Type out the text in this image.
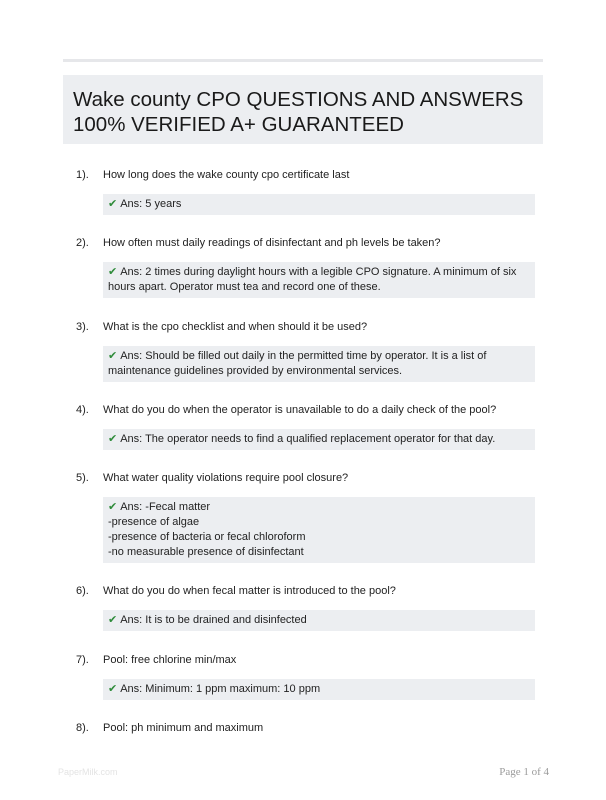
Wake county CPO QUESTIONS AND ANSWERS
100% VERIFIED A+ GUARANTEED
1).	How long does the wake county cpo certificate last
✔ Ans: 5 years
2).	How often must daily readings of disinfectant and ph levels be taken?
✔ Ans: 2 times during daylight hours with a legible CPO signature. A minimum of six
hours apart. Operator must tea and record one of these.
3).	What is the cpo checklist and when should it be used?
✔ Ans: Should be filled out daily in the permitted time by operator. It is a list of
maintenance guidelines provided by environmental services.
4).	What do you do when the operator is unavailable to do a daily check of the pool?
✔ Ans: The operator needs to find a qualified replacement operator for that day.
5).	What water quality violations require pool closure?
✔ Ans: -Fecal matter
-presence of algae
-presence of bacteria or fecal chloroform
-no measurable presence of disinfectant
6).	What do you do when fecal matter is introduced to the pool?
✔ Ans: It is to be drained and disinfected
7).	Pool: free chlorine min/max
✔ Ans: Minimum: 1 ppm maximum: 10 ppm
8).	Pool: ph minimum and maximum
PaperMilk.com	Page 1 of 4
